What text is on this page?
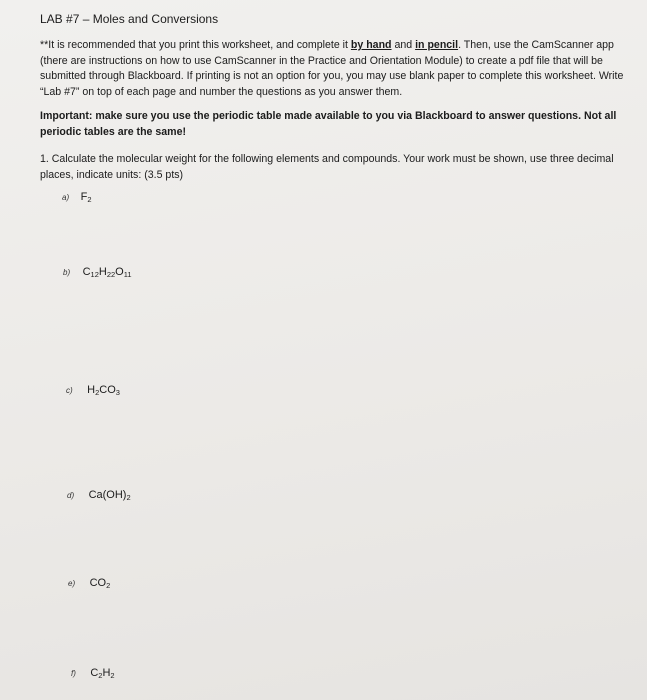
LAB #7 – Moles and Conversions
**It is recommended that you print this worksheet, and complete it by hand and in pencil. Then, use the CamScanner app (there are instructions on how to use CamScanner in the Practice and Orientation Module) to create a pdf file that will be submitted through Blackboard. If printing is not an option for you, you may use blank paper to complete this worksheet. Write “Lab #7” on top of each page and number the questions as you answer them.
Important: make sure you use the periodic table made available to you via Blackboard to answer questions. Not all periodic tables are the same!
1. Calculate the molecular weight for the following elements and compounds. Your work must be shown, use three decimal places, indicate units: (3.5 pts)
a) $F_2$
b) $C_{12}H_{22}O_{11}$
c) $H_2CO_3$
d) $Ca(OH)_2$
e) $CO_2$
f) $C_2H_2$
